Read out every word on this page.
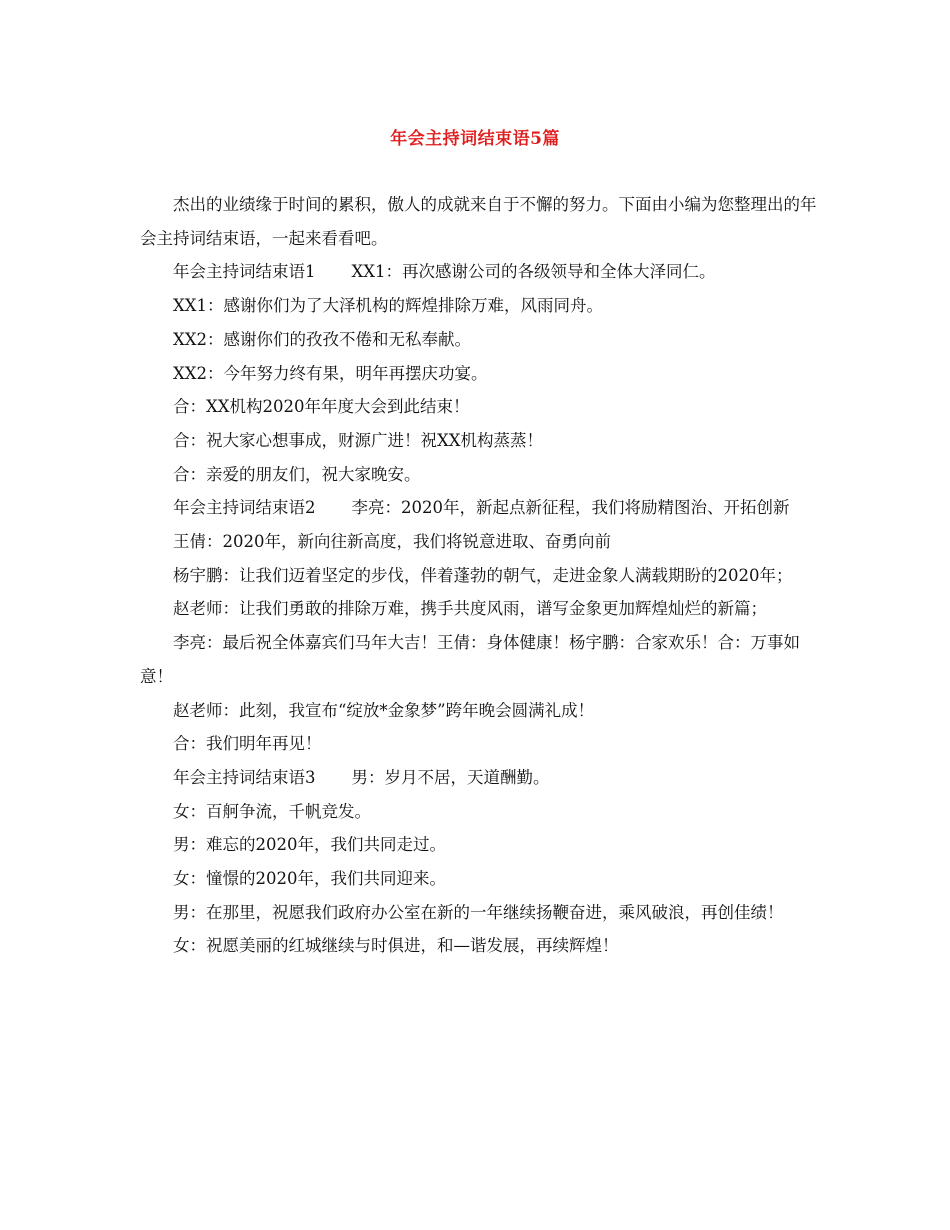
年会主持词结束语5篇

杰出的业绩缘于时间的累积，傲人的成就来自于不懈的努力。下面由小编为您整理出的年会主持词结束语，一起来看看吧。

年会主持词结束语1 XX1：再次感谢公司的各级领导和全体大泽同仁。

XX1：感谢你们为了大泽机构的辉煌排除万难，风雨同舟。

XX2：感谢你们的孜孜不倦和无私奉献。

XX2：今年努力终有果，明年再摆庆功宴。

合：XX机构2020年年度大会到此结束！

合：祝大家心想事成，财源广进！祝XX机构蒸蒸！

合：亲爱的朋友们，祝大家晚安。

年会主持词结束语2 李亮：2020年，新起点新征程，我们将励精图治、开拓创新

王倩：2020年，新向往新高度，我们将锐意进取、奋勇向前

杨宇鹏：让我们迈着坚定的步伐，伴着蓬勃的朝气，走进金象人满载期盼的2020年；

赵老师：让我们勇敢的排除万难，携手共度风雨，谱写金象更加辉煌灿烂的新篇；

李亮：最后祝全体嘉宾们马年大吉！王倩：身体健康！杨宇鹏：合家欢乐！合：万事如意！

赵老师：此刻，我宣布“绽放*金象梦”跨年晚会圆满礼成！

合：我们明年再见！

年会主持词结束语3 男：岁月不居，天道酬勤。

女：百舸争流，千帆竞发。

男：难忘的2020年，我们共同走过。

女：憧憬的2020年，我们共同迎来。

男：在那里，祝愿我们政府办公室在新的一年继续扬鞭奋进，乘风破浪，再创佳绩！

女：祝愿美丽的红城继续与时俱进，和—谐发展，再续辉煌！
